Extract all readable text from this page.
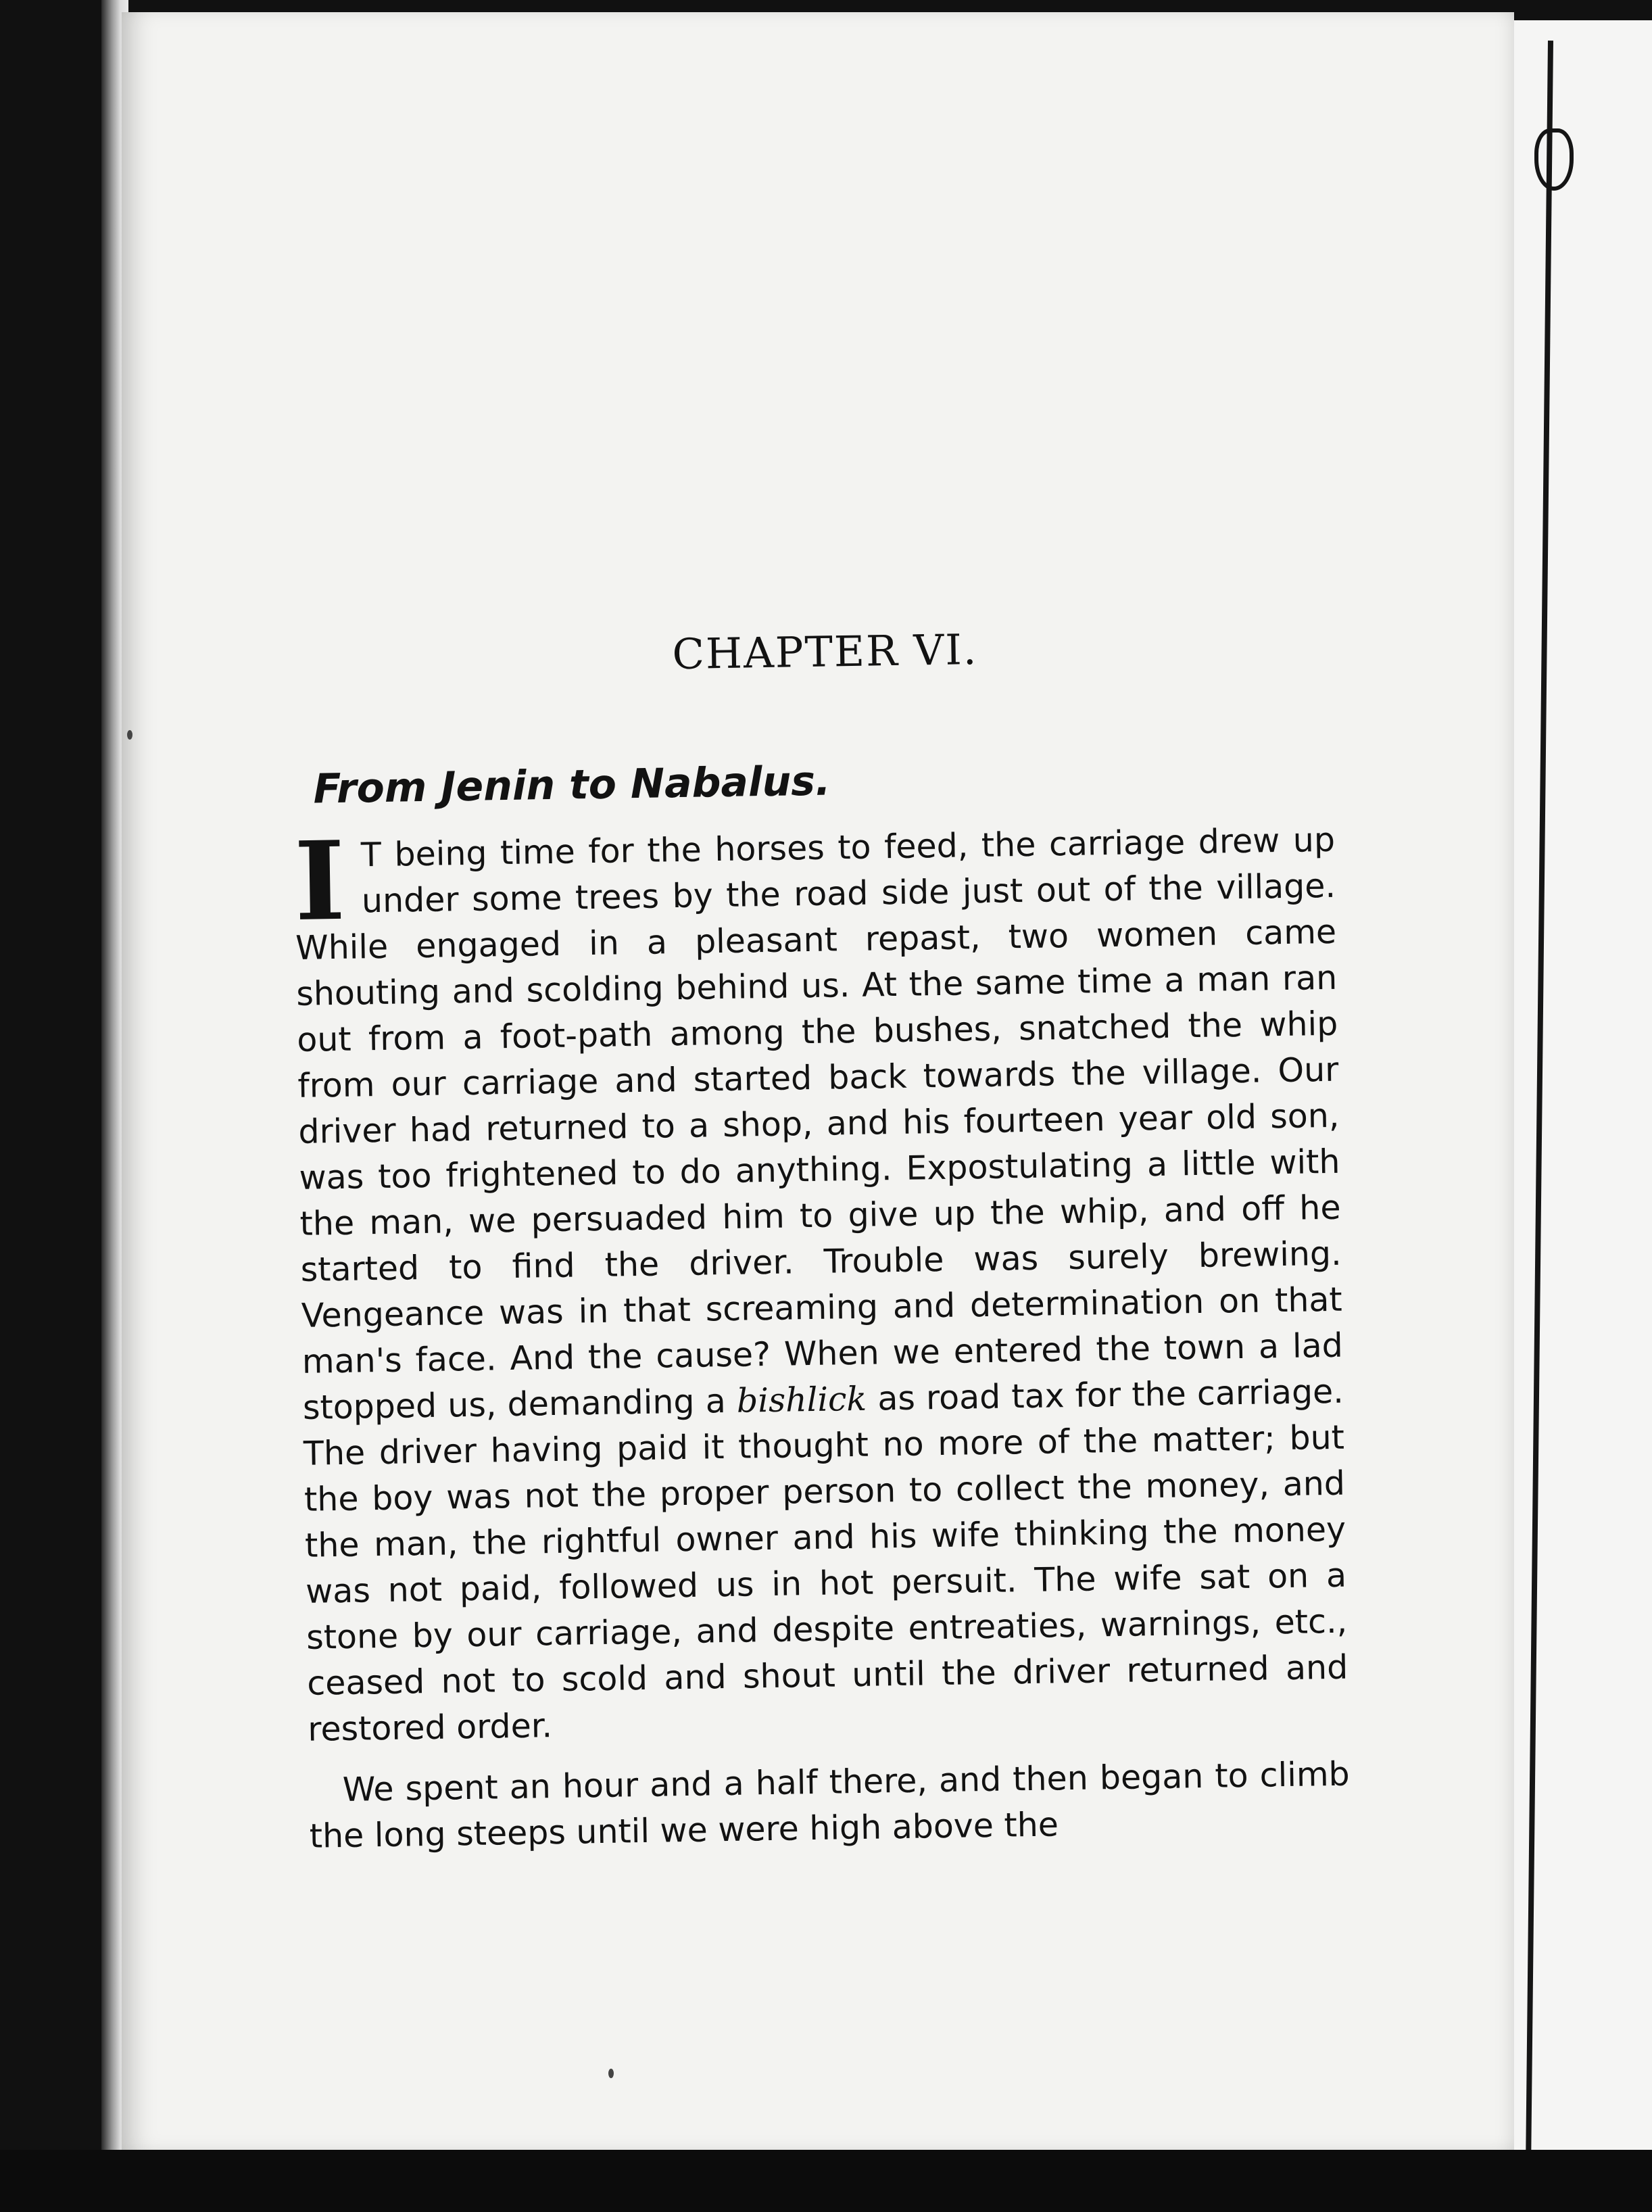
CHAPTER VI.
From Jenin to Nabalus.

I T being time for the horses to feed, the carriage drew up under some trees by the road side just out of the village. While engaged in a pleasant repast, two women came shouting and scolding behind us. At the same time a man ran out from a foot-path among the bushes, snatched the whip from our carriage and started back towards the village. Our driver had returned to a shop, and his fourteen year old son, was too frightened to do anything. Expostulating a little with the man, we persuaded him to give up the whip, and off he started to find the driver. Trouble was surely brewing. Vengeance was in that screaming and determination on that man's face. And the cause? When we entered the town a lad stopped us, demanding a bishlick as road tax for the carriage. The driver having paid it thought no more of the matter; but the boy was not the proper person to collect the money, and the man, the rightful owner and his wife thinking the money was not paid, followed us in hot persuit. The wife sat on a stone by our carriage, and despite entreaties, warnings, etc., ceased not to scold and shout until the driver returned and restored order.

We spent an hour and a half there, and then began to climb the long steeps until we were high above the
